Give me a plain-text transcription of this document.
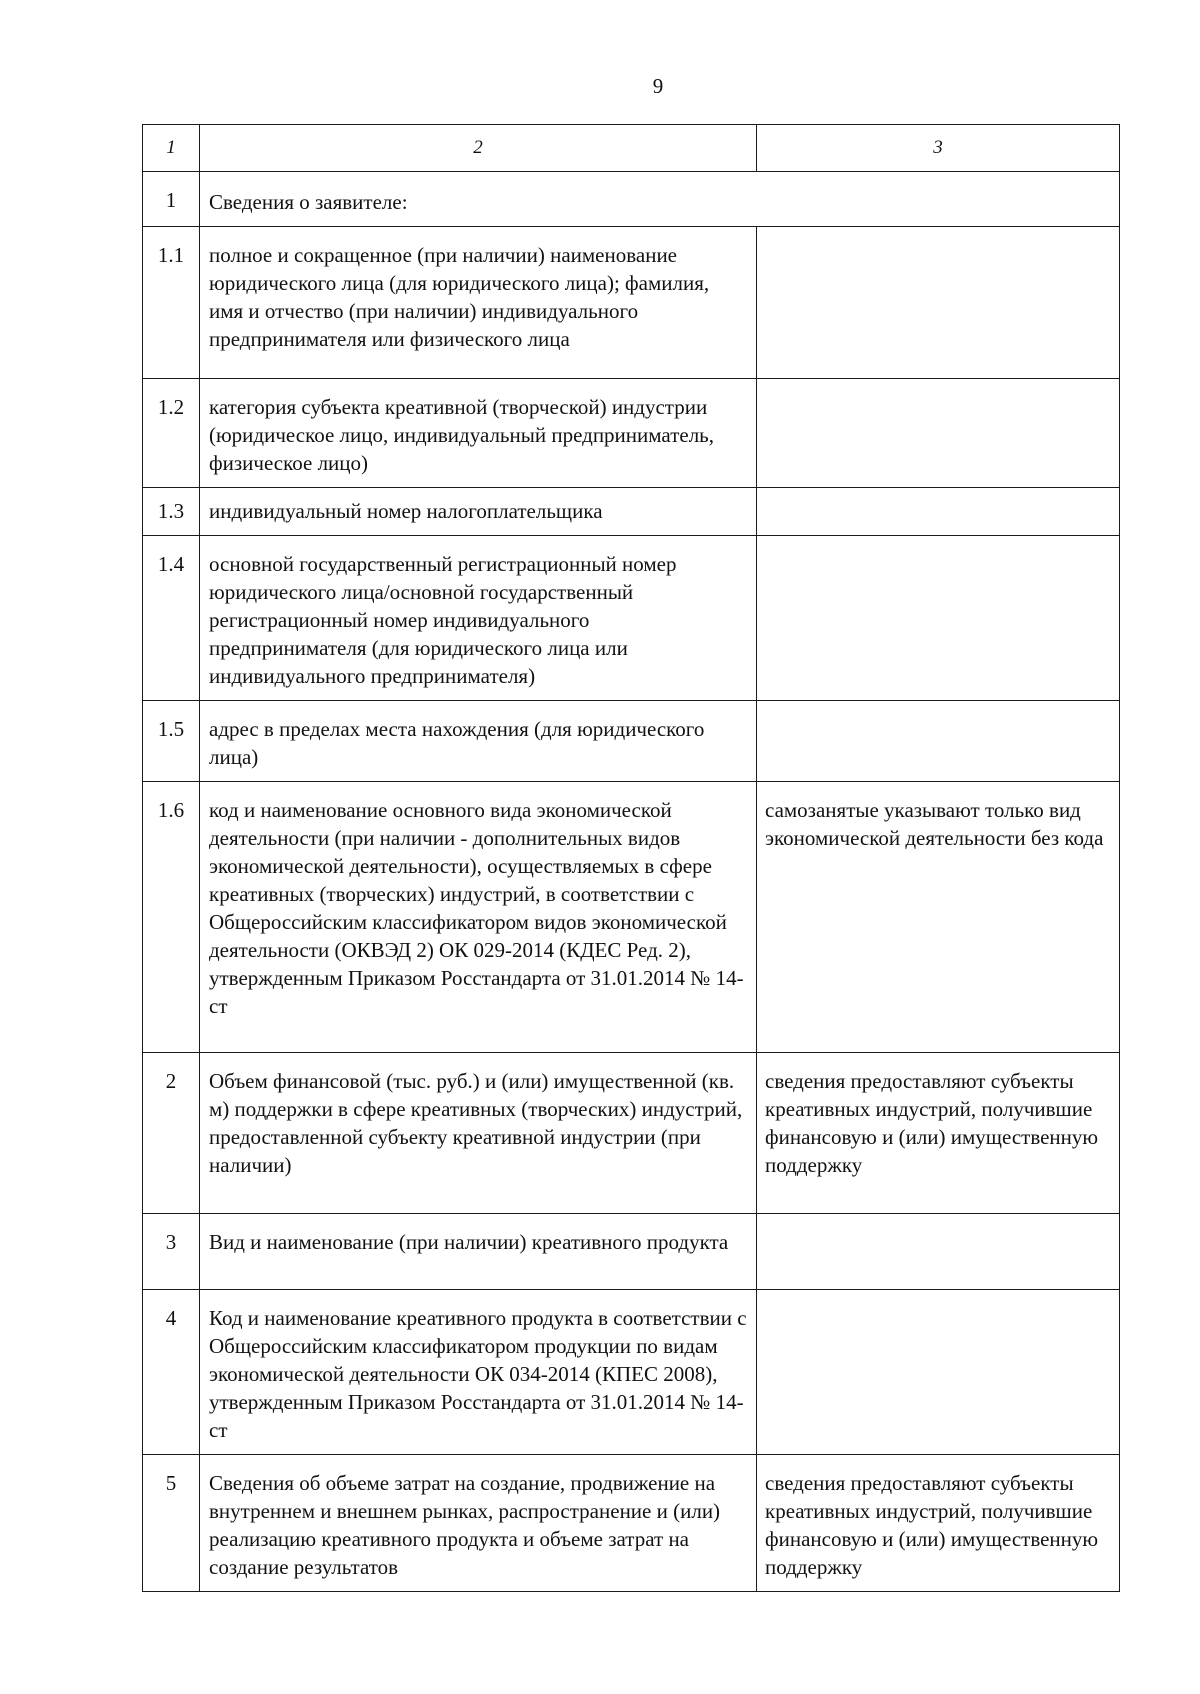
9
1	2	3
1	Сведения о заявителе:	
1.1	полное и сокращенное (при наличии) наименование юридического лица (для юридического лица); фамилия, имя и отчество (при наличии) индивидуального предпринимателя или физического лица	
1.2	категория субъекта креативной (творческой) индустрии (юридическое лицо, индивидуальный предприниматель, физическое лицо)	
1.3	индивидуальный номер налогоплательщика	
1.4	основной государственный регистрационный номер юридического лица/основной государственный регистрационный номер индивидуального предпринимателя (для юридического лица или индивидуального предпринимателя)	
1.5	адрес в пределах места нахождения (для юридического лица)	
1.6	код и наименование основного вида экономической деятельности (при наличии - дополнительных видов экономической деятельности), осуществляемых в сфере креативных (творческих) индустрий, в соответствии с Общероссийским классификатором видов экономической деятельности (ОКВЭД 2) ОК 029-2014 (КДЕС Ред. 2), утвержденным Приказом Росстандарта от 31.01.2014 № 14-ст	самозанятые указывают только вид экономической деятельности без кода
2	Объем финансовой (тыс. руб.) и (или) имущественной (кв. м) поддержки в сфере креативных (творческих) индустрий, предоставленной субъекту креативной индустрии (при наличии)	сведения предоставляют субъекты креативных индустрий, получившие финансовую и (или) имущественную поддержку
3	Вид и наименование (при наличии) креативного продукта	
4	Код и наименование креативного продукта в соответствии с Общероссийским классификатором продукции по видам экономической деятельности ОК 034-2014 (КПЕС 2008), утвержденным Приказом Росстандарта от 31.01.2014 № 14-ст	
5	Сведения об объеме затрат на создание, продвижение на внутреннем и внешнем рынках, распространение и (или) реализацию креативного продукта и объеме затрат на создание результатов	сведения предоставляют субъекты креативных индустрий, получившие финансовую и (или) имущественную поддержку
